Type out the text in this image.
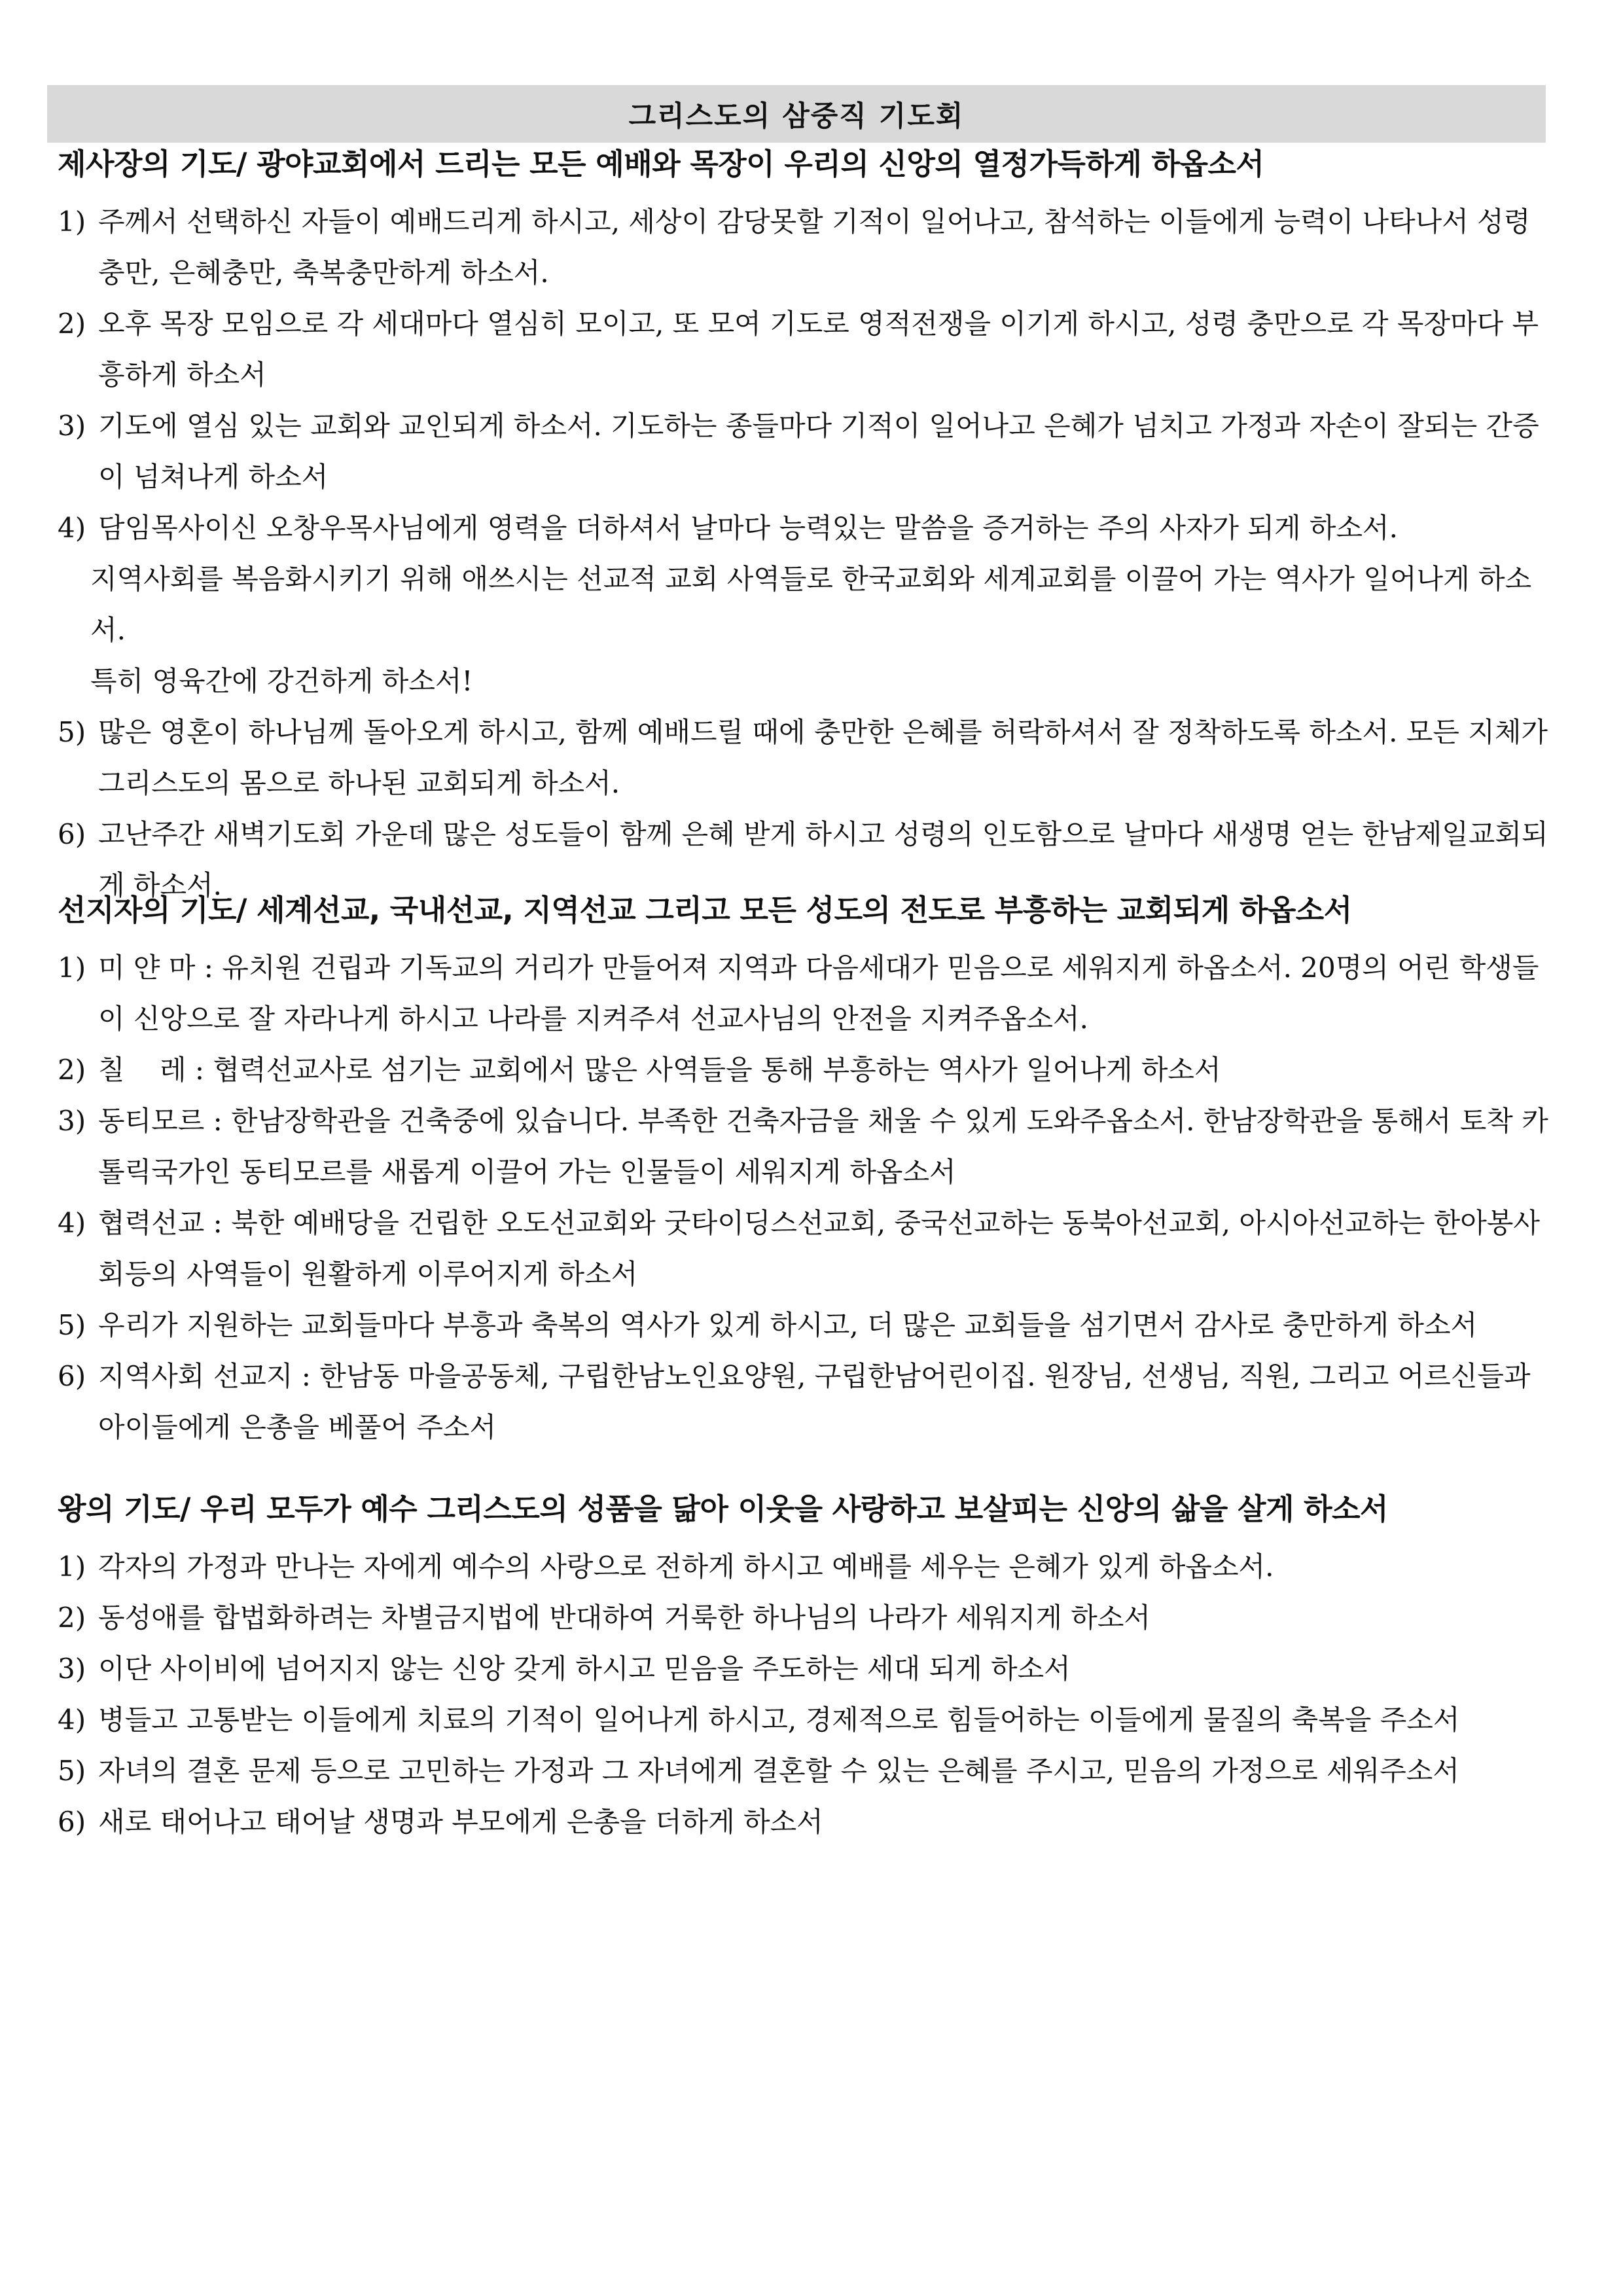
그리스도의 삼중직 기도회
제사장의 기도/ 광야교회에서 드리는 모든 예배와 목장이 우리의 신앙의 열정가득하게 하옵소서
1) 주께서 선택하신 자들이 예배드리게 하시고, 세상이 감당못할 기적이 일어나고, 참석하는 이들에게 능력이 나타나서 성령충만, 은혜충만, 축복충만하게 하소서.
2) 오후 목장 모임으로 각 세대마다 열심히 모이고, 또 모여 기도로 영적전쟁을 이기게 하시고, 성령 충만으로 각 목장마다 부흥하게 하소서
3) 기도에 열심 있는 교회와 교인되게 하소서. 기도하는 종들마다 기적이 일어나고 은혜가 넘치고 가정과 자손이 잘되는 간증이 넘쳐나게 하소서
4) 담임목사이신 오창우목사님에게 영력을 더하셔서 날마다 능력있는 말씀을 증거하는 주의 사자가 되게 하소서.
지역사회를 복음화시키기 위해 애쓰시는 선교적 교회 사역들로 한국교회와 세계교회를 이끌어 가는 역사가 일어나게 하소서.
특히 영육간에 강건하게 하소서!
5) 많은 영혼이 하나님께 돌아오게 하시고, 함께 예배드릴 때에 충만한 은혜를 허락하셔서 잘 정착하도록 하소서. 모든 지체가 그리스도의 몸으로 하나된 교회되게 하소서.
6) 고난주간 새벽기도회 가운데 많은 성도들이 함께 은혜 받게 하시고 성령의 인도함으로 날마다 새생명 얻는 한남제일교회되게 하소서.
선지자의 기도/ 세계선교, 국내선교, 지역선교 그리고 모든 성도의 전도로 부흥하는 교회되게 하옵소서
1) 미 얀 마 : 유치원 건립과 기독교의 거리가 만들어져 지역과 다음세대가 믿음으로 세워지게 하옵소서. 20명의 어린 학생들이 신앙으로 잘 자라나게 하시고 나라를 지켜주셔 선교사님의 안전을 지켜주옵소서.
2) 칠    레 : 협력선교사로 섬기는 교회에서 많은 사역들을 통해 부흥하는 역사가 일어나게 하소서
3) 동티모르 : 한남장학관을 건축중에 있습니다. 부족한 건축자금을 채울 수 있게 도와주옵소서. 한남장학관을 통해서 토착 카톨릭국가인 동티모르를 새롭게 이끌어 가는 인물들이 세워지게 하옵소서
4) 협력선교 : 북한 예배당을 건립한 오도선교회와 굿타이딩스선교회, 중국선교하는 동북아선교회, 아시아선교하는 한아봉사회등의 사역들이 원활하게 이루어지게 하소서
5) 우리가 지원하는 교회들마다 부흥과 축복의 역사가 있게 하시고, 더 많은 교회들을 섬기면서 감사로 충만하게 하소서
6) 지역사회 선교지 : 한남동 마을공동체, 구립한남노인요양원, 구립한남어린이집. 원장님, 선생님, 직원, 그리고 어르신들과 아이들에게 은총을 베풀어 주소서
왕의 기도/ 우리 모두가 예수 그리스도의 성품을 닮아 이웃을 사랑하고 보살피는 신앙의 삶을 살게 하소서
1) 각자의 가정과 만나는 자에게 예수의 사랑으로 전하게 하시고 예배를 세우는 은혜가 있게 하옵소서.
2) 동성애를 합법화하려는 차별금지법에 반대하여 거룩한 하나님의 나라가 세워지게 하소서
3) 이단 사이비에 넘어지지 않는 신앙 갖게 하시고 믿음을 주도하는 세대 되게 하소서
4) 병들고 고통받는 이들에게 치료의 기적이 일어나게 하시고, 경제적으로 힘들어하는 이들에게 물질의 축복을 주소서
5) 자녀의 결혼 문제 등으로 고민하는 가정과 그 자녀에게 결혼할 수 있는 은혜를 주시고, 믿음의 가정으로 세워주소서
6) 새로 태어나고 태어날 생명과 부모에게 은총을 더하게 하소서
